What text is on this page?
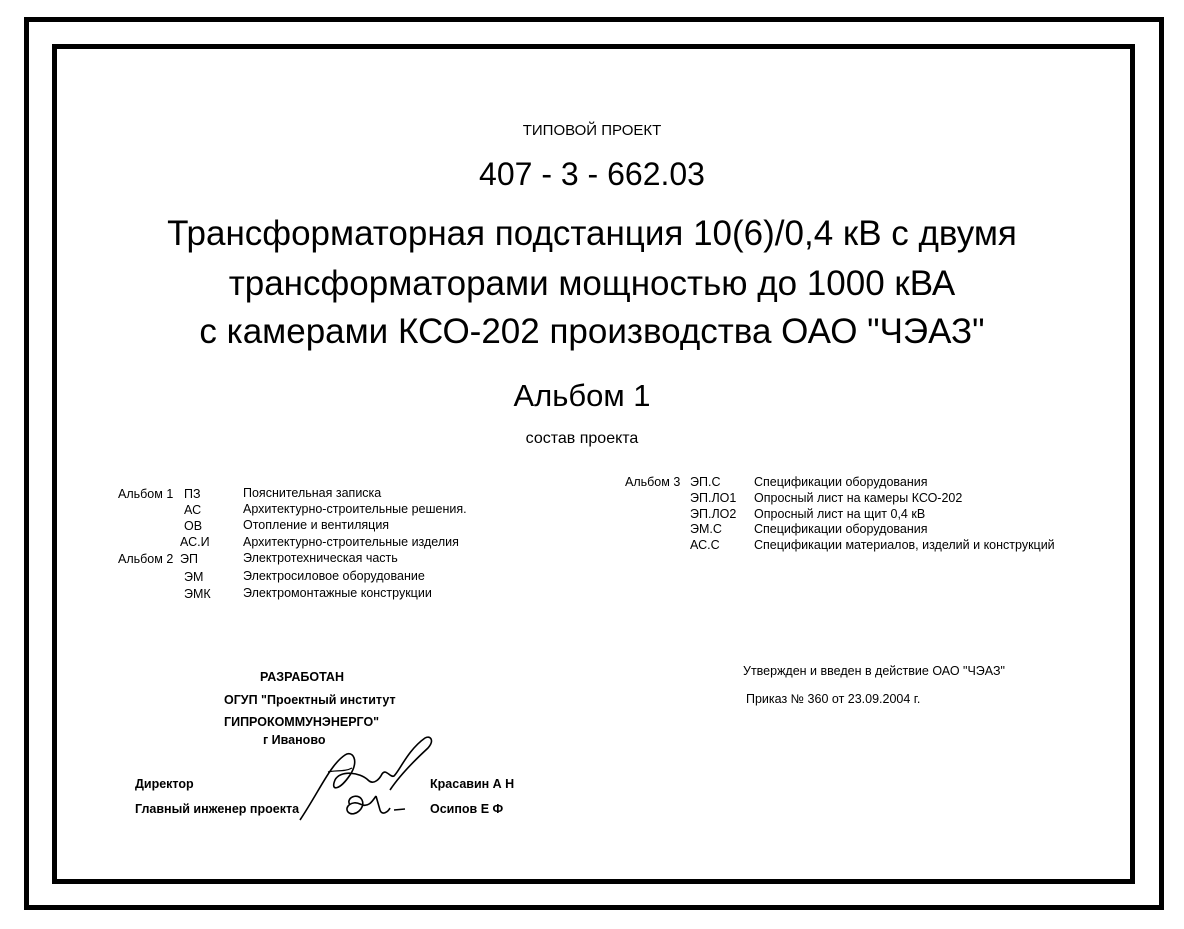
ТИПОВОЙ ПРОЕКТ
407 - 3 - 662.03
Трансформаторная подстанция 10(6)/0,4 кВ с двумя
трансформаторами мощностью до 1000 кВА
с камерами КСО-202 производства ОАО "ЧЭАЗ"
Альбом 1
состав проекта
Альбом 1 ПЗ	Пояснительная записка
АС	Архитектурно-строительные решения.
ОВ	Отопление и вентиляция
АС.И	Архитектурно-строительные изделия
Альбом 2 ЭП	Электротехническая часть
ЭМ	Электросиловое оборудование
ЭМК	Электромонтажные конструкции
Альбом 3 ЭП.С	Спецификации оборудования
ЭП.ЛО1 Опросный лист на камеры КСО-202
ЭП.ЛО2 Опросный лист на щит 0,4 кВ
ЭМ.С	Спецификации оборудования
АС.С	Спецификации материалов, изделий и конструкций
РАЗРАБОТАН
ОГУП "Проектный институт
ГИПРОКОММУНЭНЕРГО"
г Иваново
Утвержден и введен в действие ОАО "ЧЭАЗ"
Приказ № 360 от 23.09.2004 г.
Директор	Красавин А Н
Главный инженер проекта	Осипов Е Ф
